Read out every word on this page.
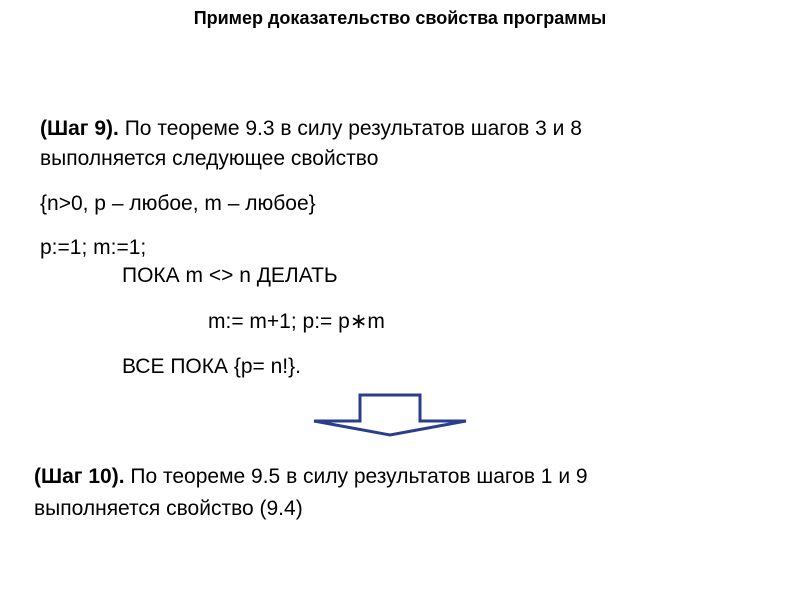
Пример доказательство свойства программы
(Шаг 9). По теореме 9.3 в силу результатов шагов 3 и 8
выполняется следующее свойство
{n>0, p – любое, m – любое}
p:=1; m:=1;
ПОКА m <> n ДЕЛАТЬ
m:= m+1; p:= p∗m
ВСЕ ПОКА {p= n!}.
(Шаг 10). По теореме 9.5 в силу результатов шагов 1 и 9
выполняется свойство (9.4)
